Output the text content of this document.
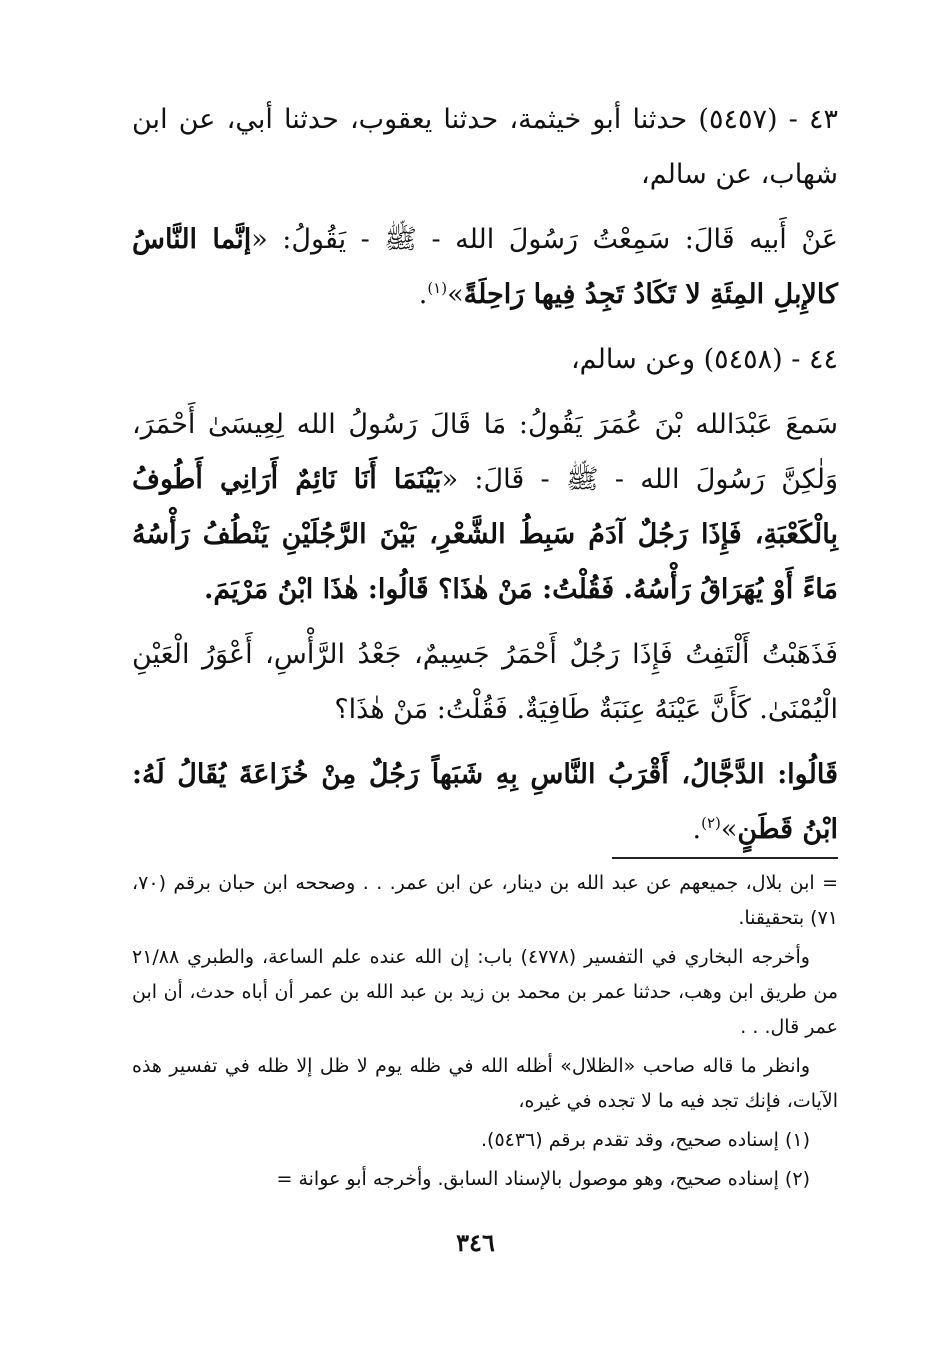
٤٣ - (٥٤٥٧) حدثنا أبو خيثمة، حدثنا يعقوب، حدثنا أبي، عن ابن شهاب، عن سالم،

عَنْ أَبيه قَالَ: سَمِعْتُ رَسُولَ الله - ﷺ - يَقُولُ: «إنَّما النَّاسُ كالإِبلِ المِئَةِ لا تَكَادُ تَجِدُ فِيها رَاحِلَةً»$^{(١)}$.

٤٤ - (٥٤٥٨) وعن سالم،

سَمعَ عَبْدَالله بْنَ عُمَرَ يَقُولُ: مَا قَالَ رَسُولُ الله لِعِيسَىٰ أَحْمَرَ، وَلٰكِنَّ رَسُولَ الله - ﷺ - قَالَ: «بَيْنَمَا أَنَا نَائِمٌ أَرَانِي أَطُوفُ بِالْكَعْبَةِ، فَإِذَا رَجُلٌ آدَمُ سَبِطُ الشَّعْرِ، بَيْنَ الرَّجُلَيْنِ يَنْطُفُ رَأْسُهُ مَاءً أَوْ يُهَرَاقُ رَأْسُهُ. فَقُلْتُ: مَنْ هٰذَا؟ قَالُوا: هٰذَا ابْنُ مَرْيَمَ.

فَذَهَبْتُ أَلْتَفِتُ فَإِذَا رَجُلٌ أَحْمَرُ جَسِيمٌ، جَعْدُ الرَّأْسِ، أَعْوَرُ الْعَيْنِ الْيُمْنَىٰ. كَأَنَّ عَيْنَهُ عِنَبَةٌ طَافِيَةٌ. فَقُلْتُ: مَنْ هٰذَا؟

قَالُوا: الدَّجَّالُ، أَقْرَبُ النَّاسِ بِهِ شَبَهاً رَجُلٌ مِنْ خُزَاعَةَ يُقَالُ لَهُ: ابْنُ قَطَنٍ»$^{(٢)}$.

= ابن بلال، جميعهم عن عبد الله بن دينار، عن ابن عمر. . . وصححه ابن حبان برقم (٧٠، ٧١) بتحقيقنا.

وأخرجه البخاري في التفسير (٤٧٧٨) باب: إن الله عنده علم الساعة، والطبري ٢١/٨٨ من طريق ابن وهب، حدثنا عمر بن محمد بن زيد بن عبد الله بن عمر أن أباه حدث، أن ابن عمر قال. . .

وانظر ما قاله صاحب «الظلال» أظله الله في ظله يوم لا ظل إلا ظله في تفسير هذه الآيات، فإنك تجد فيه ما لا تجده في غيره،

(١) إسناده صحيح، وقد تقدم برقم (٥٤٣٦).

(٢) إسناده صحيح، وهو موصول بالإسناد السابق. وأخرجه أبو عوانة =

٣٤٦
